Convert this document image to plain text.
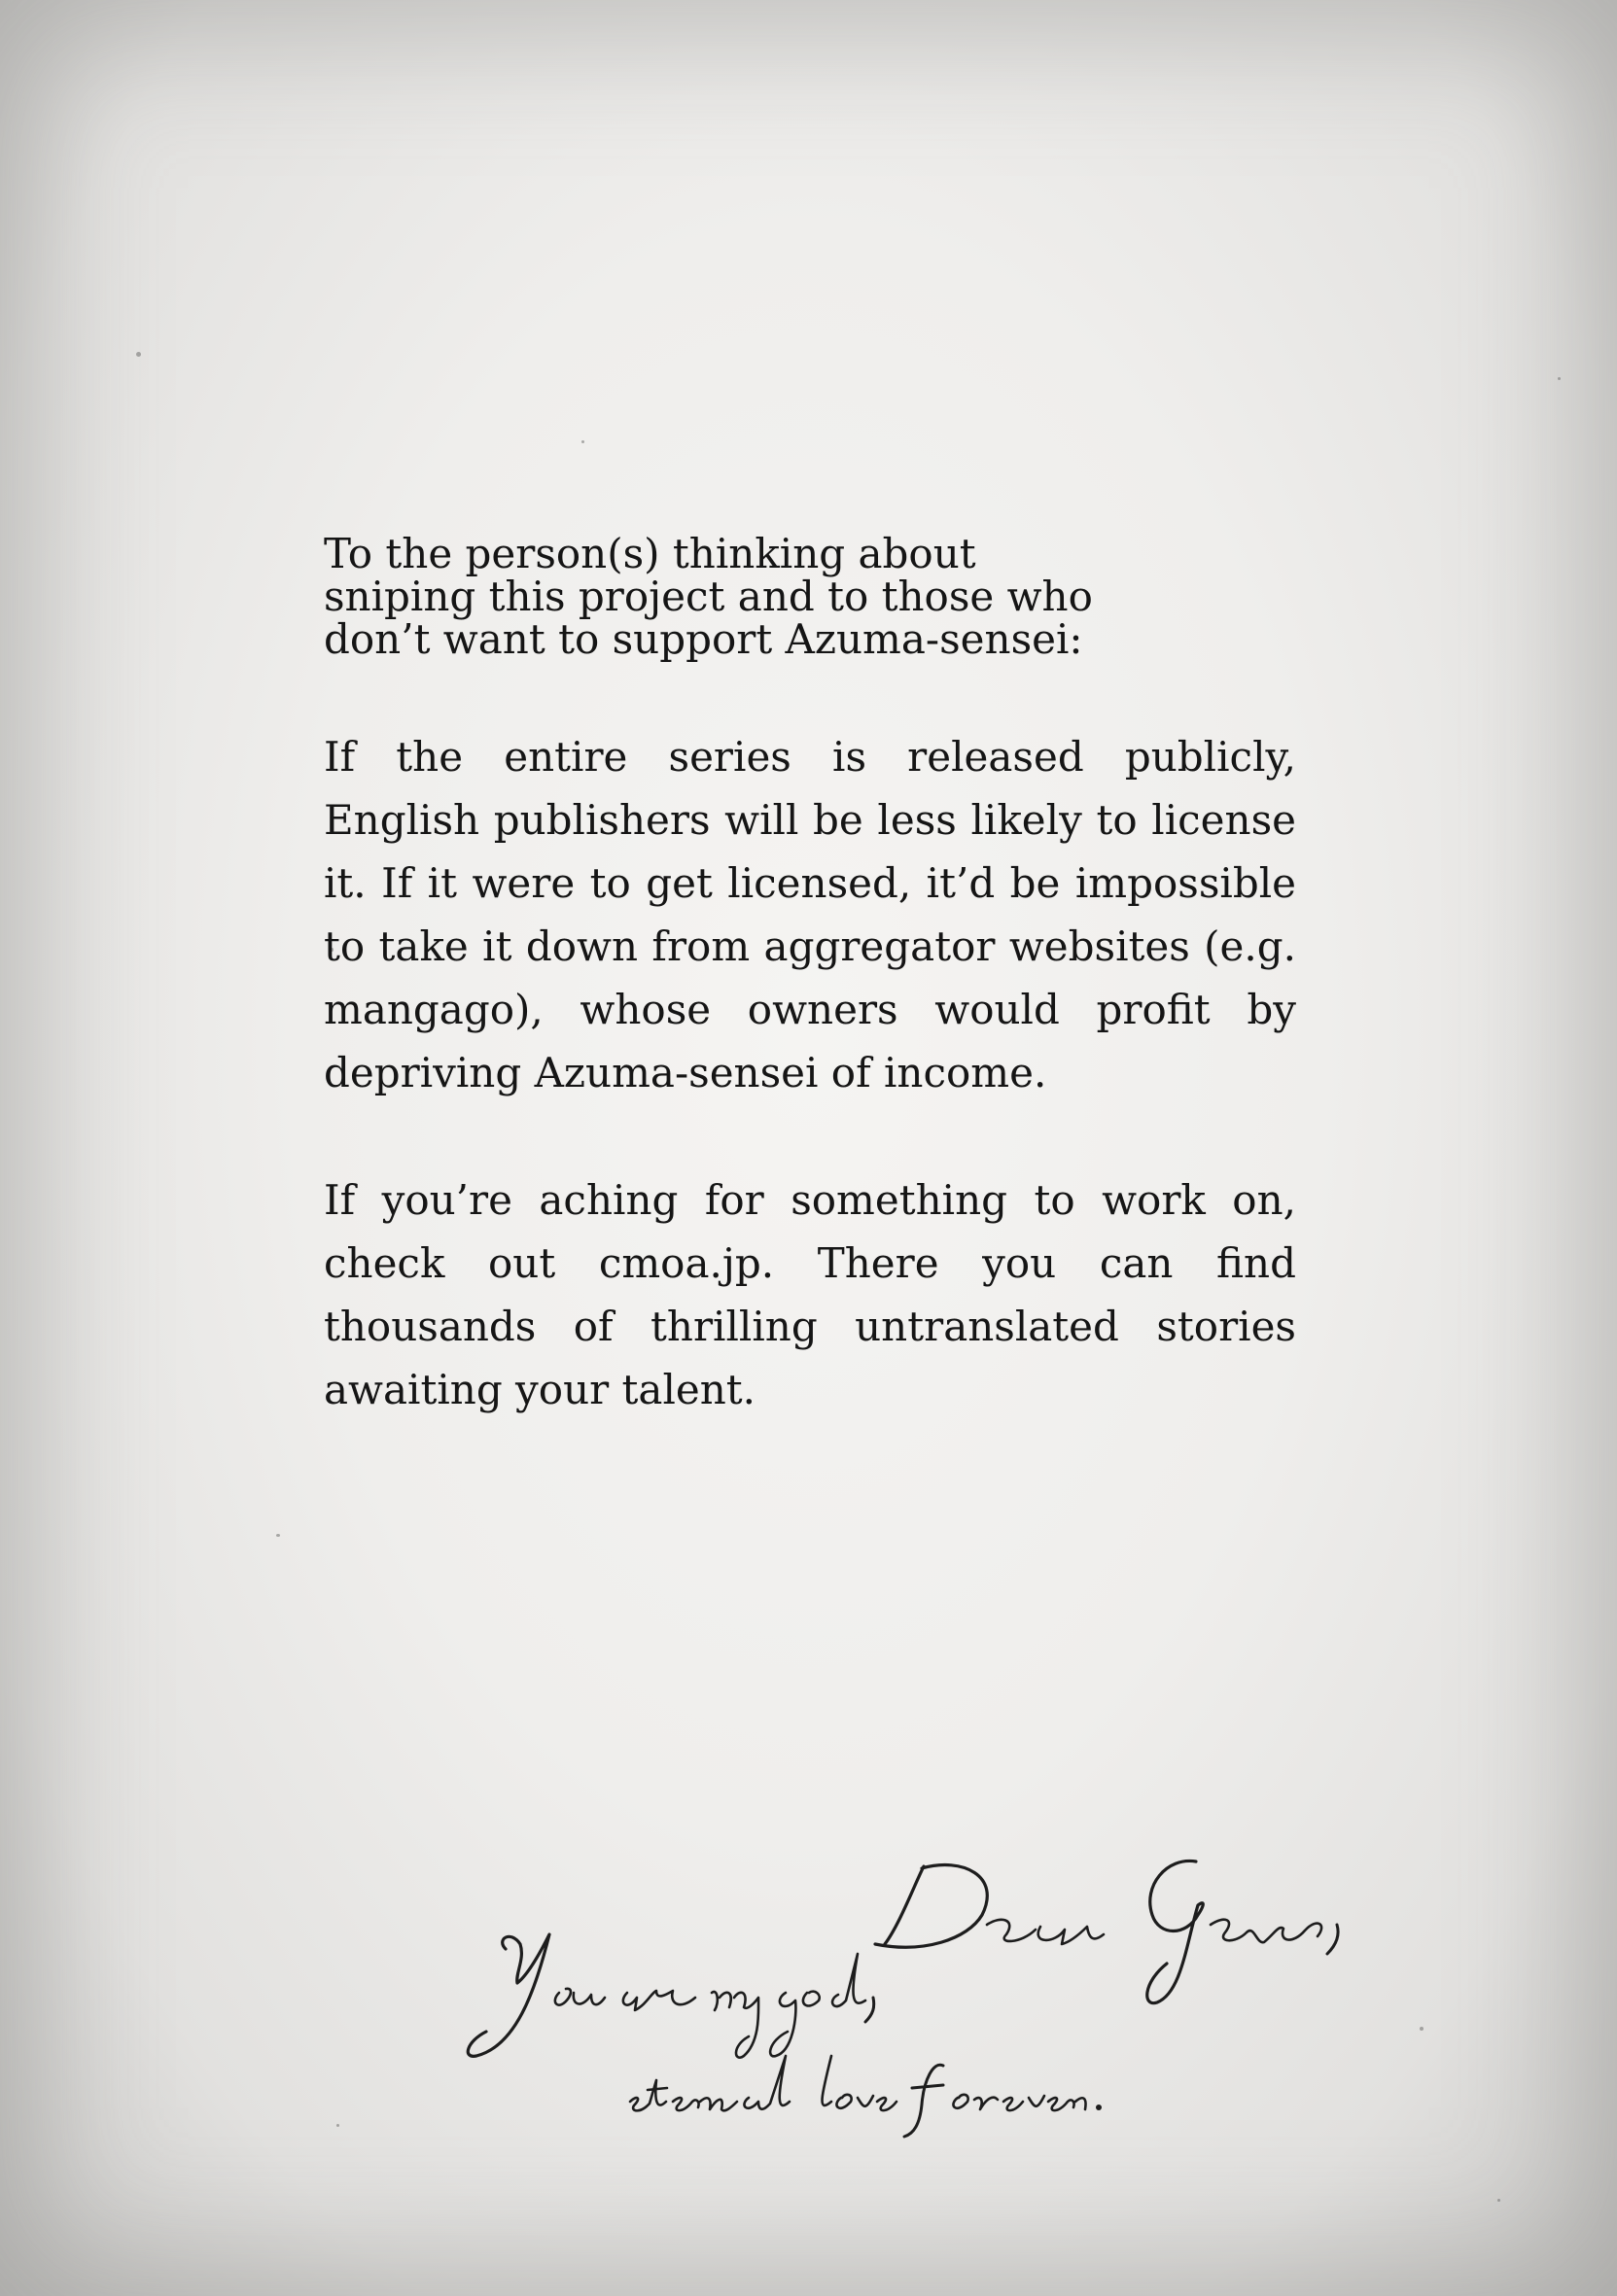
To the person(s) thinking about
sniping this project and to those who
don’t want to support Azuma-sensei:

If the entire series is released publicly, English publishers will be less likely to license it. If it were to get licensed, it’d be impossible to take it down from aggregator websites (e.g. mangago), whose owners would profit by depriving Azuma-sensei of income.

If you’re aching for something to work on, check out cmoa.jp. There you can find thousands of thrilling untranslated stories awaiting your talent.
